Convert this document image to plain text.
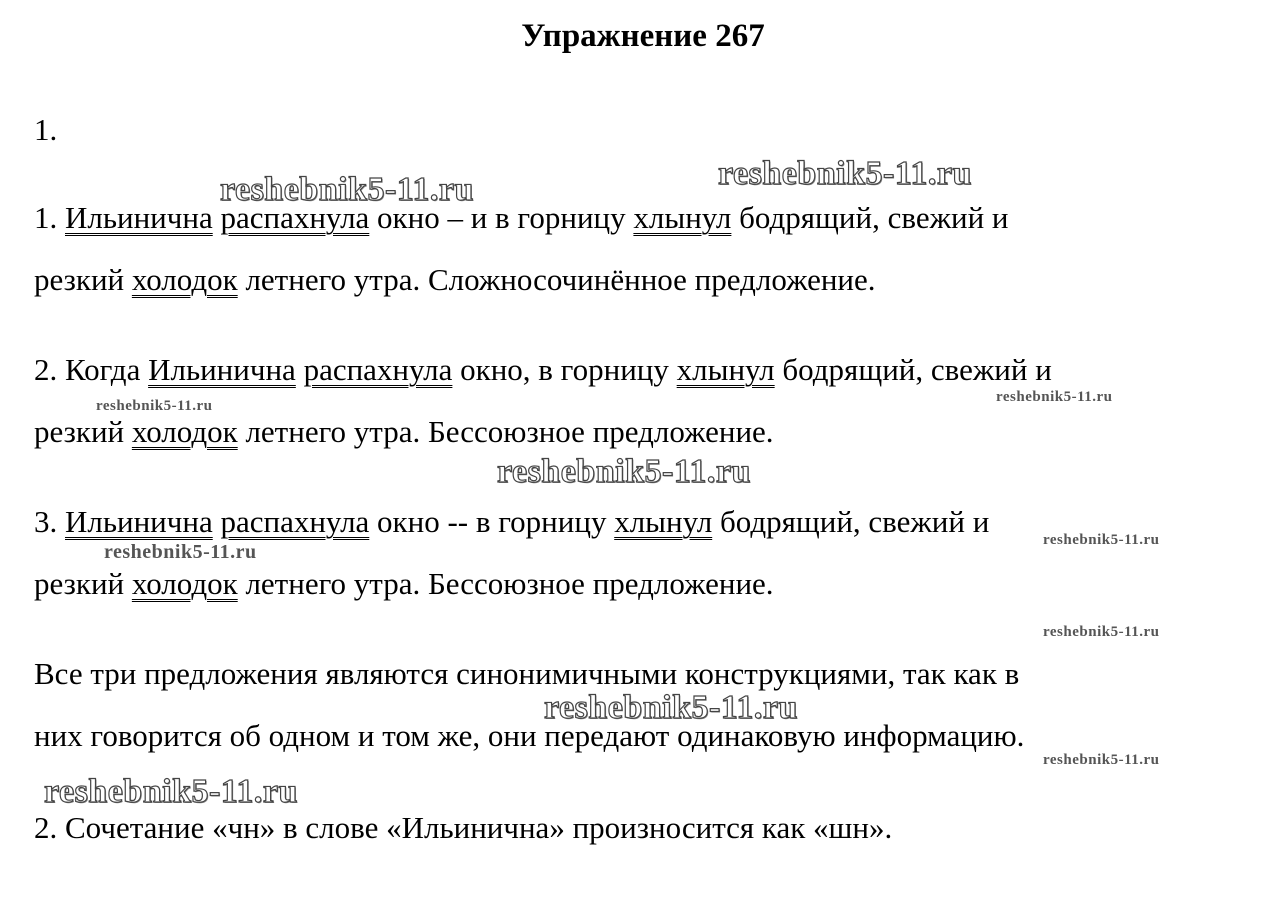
Упражнение 267
1.
1. Ильинична распахнула окно – и в горницу хлынул бодрящий, свежий и
резкий холодок летнего утра. Сложносочинённое предложение.
2. Когда Ильинична распахнула окно, в горницу хлынул бодрящий, свежий и
резкий холодок летнего утра. Бессоюзное предложение.
3. Ильинична распахнула окно -- в горницу хлынул бодрящий, свежий и
резкий холодок летнего утра. Бессоюзное предложение.
Все три предложения являются синонимичными конструкциями, так как в
них говорится об одном и том же, они передают одинаковую информацию.
2. Сочетание «чн» в слове «Ильинична» произносится как «шн».
reshebnik5-11.ru	reshebnik5-11.ru
reshebnik5-11.ru
reshebnik5-11.ru
reshebnik5-11.ru
reshebnik5-11.ru
reshebnik5-11.ru
reshebnik5-11.ru
reshebnik5-11.ru
reshebnik5-11.ru
reshebnik5-11.ru
